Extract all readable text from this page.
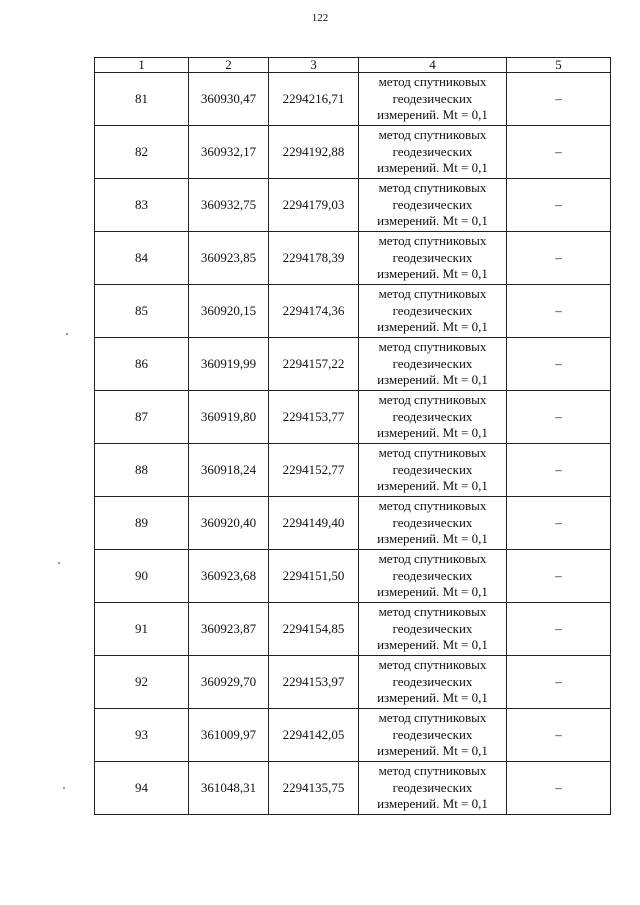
122
1	2	3	4	5
81	360930,47	2294216,71	метод спутниковых
геодезических
измерений. Mt = 0,1	–
82	360932,17	2294192,88	метод спутниковых
геодезических
измерений. Mt = 0,1	–
83	360932,75	2294179,03	метод спутниковых
геодезических
измерений. Mt = 0,1	–
84	360923,85	2294178,39	метод спутниковых
геодезических
измерений. Mt = 0,1	–
85	360920,15	2294174,36	метод спутниковых
геодезических
измерений. Mt = 0,1	–
86	360919,99	2294157,22	метод спутниковых
геодезических
измерений. Mt = 0,1	–
87	360919,80	2294153,77	метод спутниковых
геодезических
измерений. Mt = 0,1	–
88	360918,24	2294152,77	метод спутниковых
геодезических
измерений. Mt = 0,1	–
89	360920,40	2294149,40	метод спутниковых
геодезических
измерений. Mt = 0,1	–
90	360923,68	2294151,50	метод спутниковых
геодезических
измерений. Mt = 0,1	–
91	360923,87	2294154,85	метод спутниковых
геодезических
измерений. Mt = 0,1	–
92	360929,70	2294153,97	метод спутниковых
геодезических
измерений. Mt = 0,1	–
93	361009,97	2294142,05	метод спутниковых
геодезических
измерений. Mt = 0,1	–
94	361048,31	2294135,75	метод спутниковых
геодезических
измерений. Mt = 0,1	–
